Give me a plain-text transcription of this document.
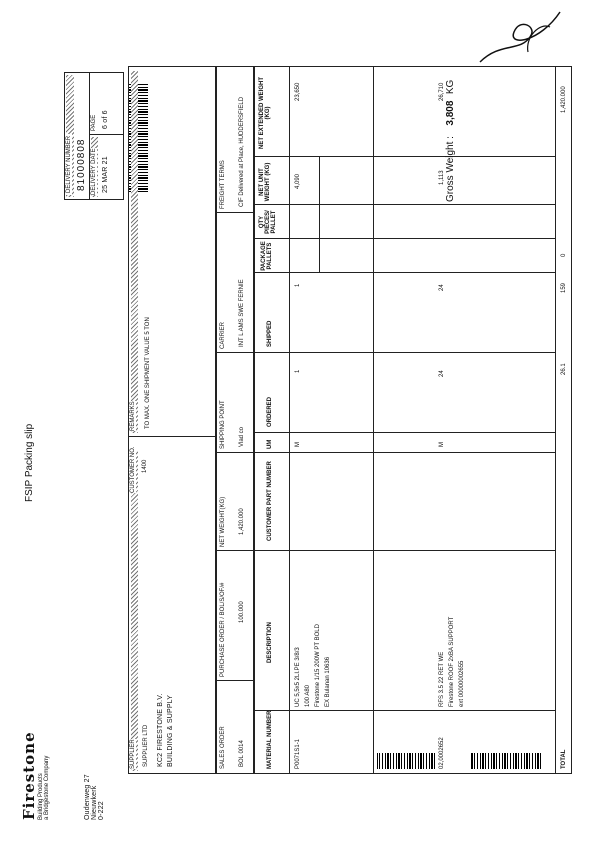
Firestone Building Products a Bridgestone Company	Oudenweg 27 Nieuwkerk 0-222
FSIP Packing slip
DELIVERY NUMBER 81000808 DELIVERY DATE 25 MAR 21
PAGE 6 of 6
SUPPLIER SUPPLIER LTD KC2 FIRESTONE B.V. BUILDING & SUPPLY
CUSTOMER NO. 1400
REMARKS TO MAX. ONE SHIPMENT VALUE 5 TON
SALES ORDER BOL 0014
PURCHASE ORDER / BOL/S/OF/# 100.000
NET WEIGHT(KG) 1,420.000
SHIPPING POINT Vlad co
CARRIER INT L AMS SWE FERNIE
FREIGHT TERMS CIF Delivered at Place, HUDDERSFIELD
MATERIAL NUMBER
DESCRIPTION
CUSTOMER PART NUMBER
UM
ORDERED
SHIPPED
PACKAGE PALLETS
QTY PIECES/ PALLET
NET UNIT WEIGHT (KG)
NET EXTENDED WEIGHT (KG)
P0071S1-1
UC 5,5x5 2LI.PE 3/8/3 100 A80 Firestone 1/15 200W PT BOLD EX Bulanan 10636
M
1
1
4,090
23,650
02,0002652
RFS 3.5 22 RET WE Firestone ROOF 2xBA SUPPORT ext 00000002655
M
24
24
1,113
26,710
TOTAL
26.1
159
0
1,420.000
Gross Weight : 3,808 KG
